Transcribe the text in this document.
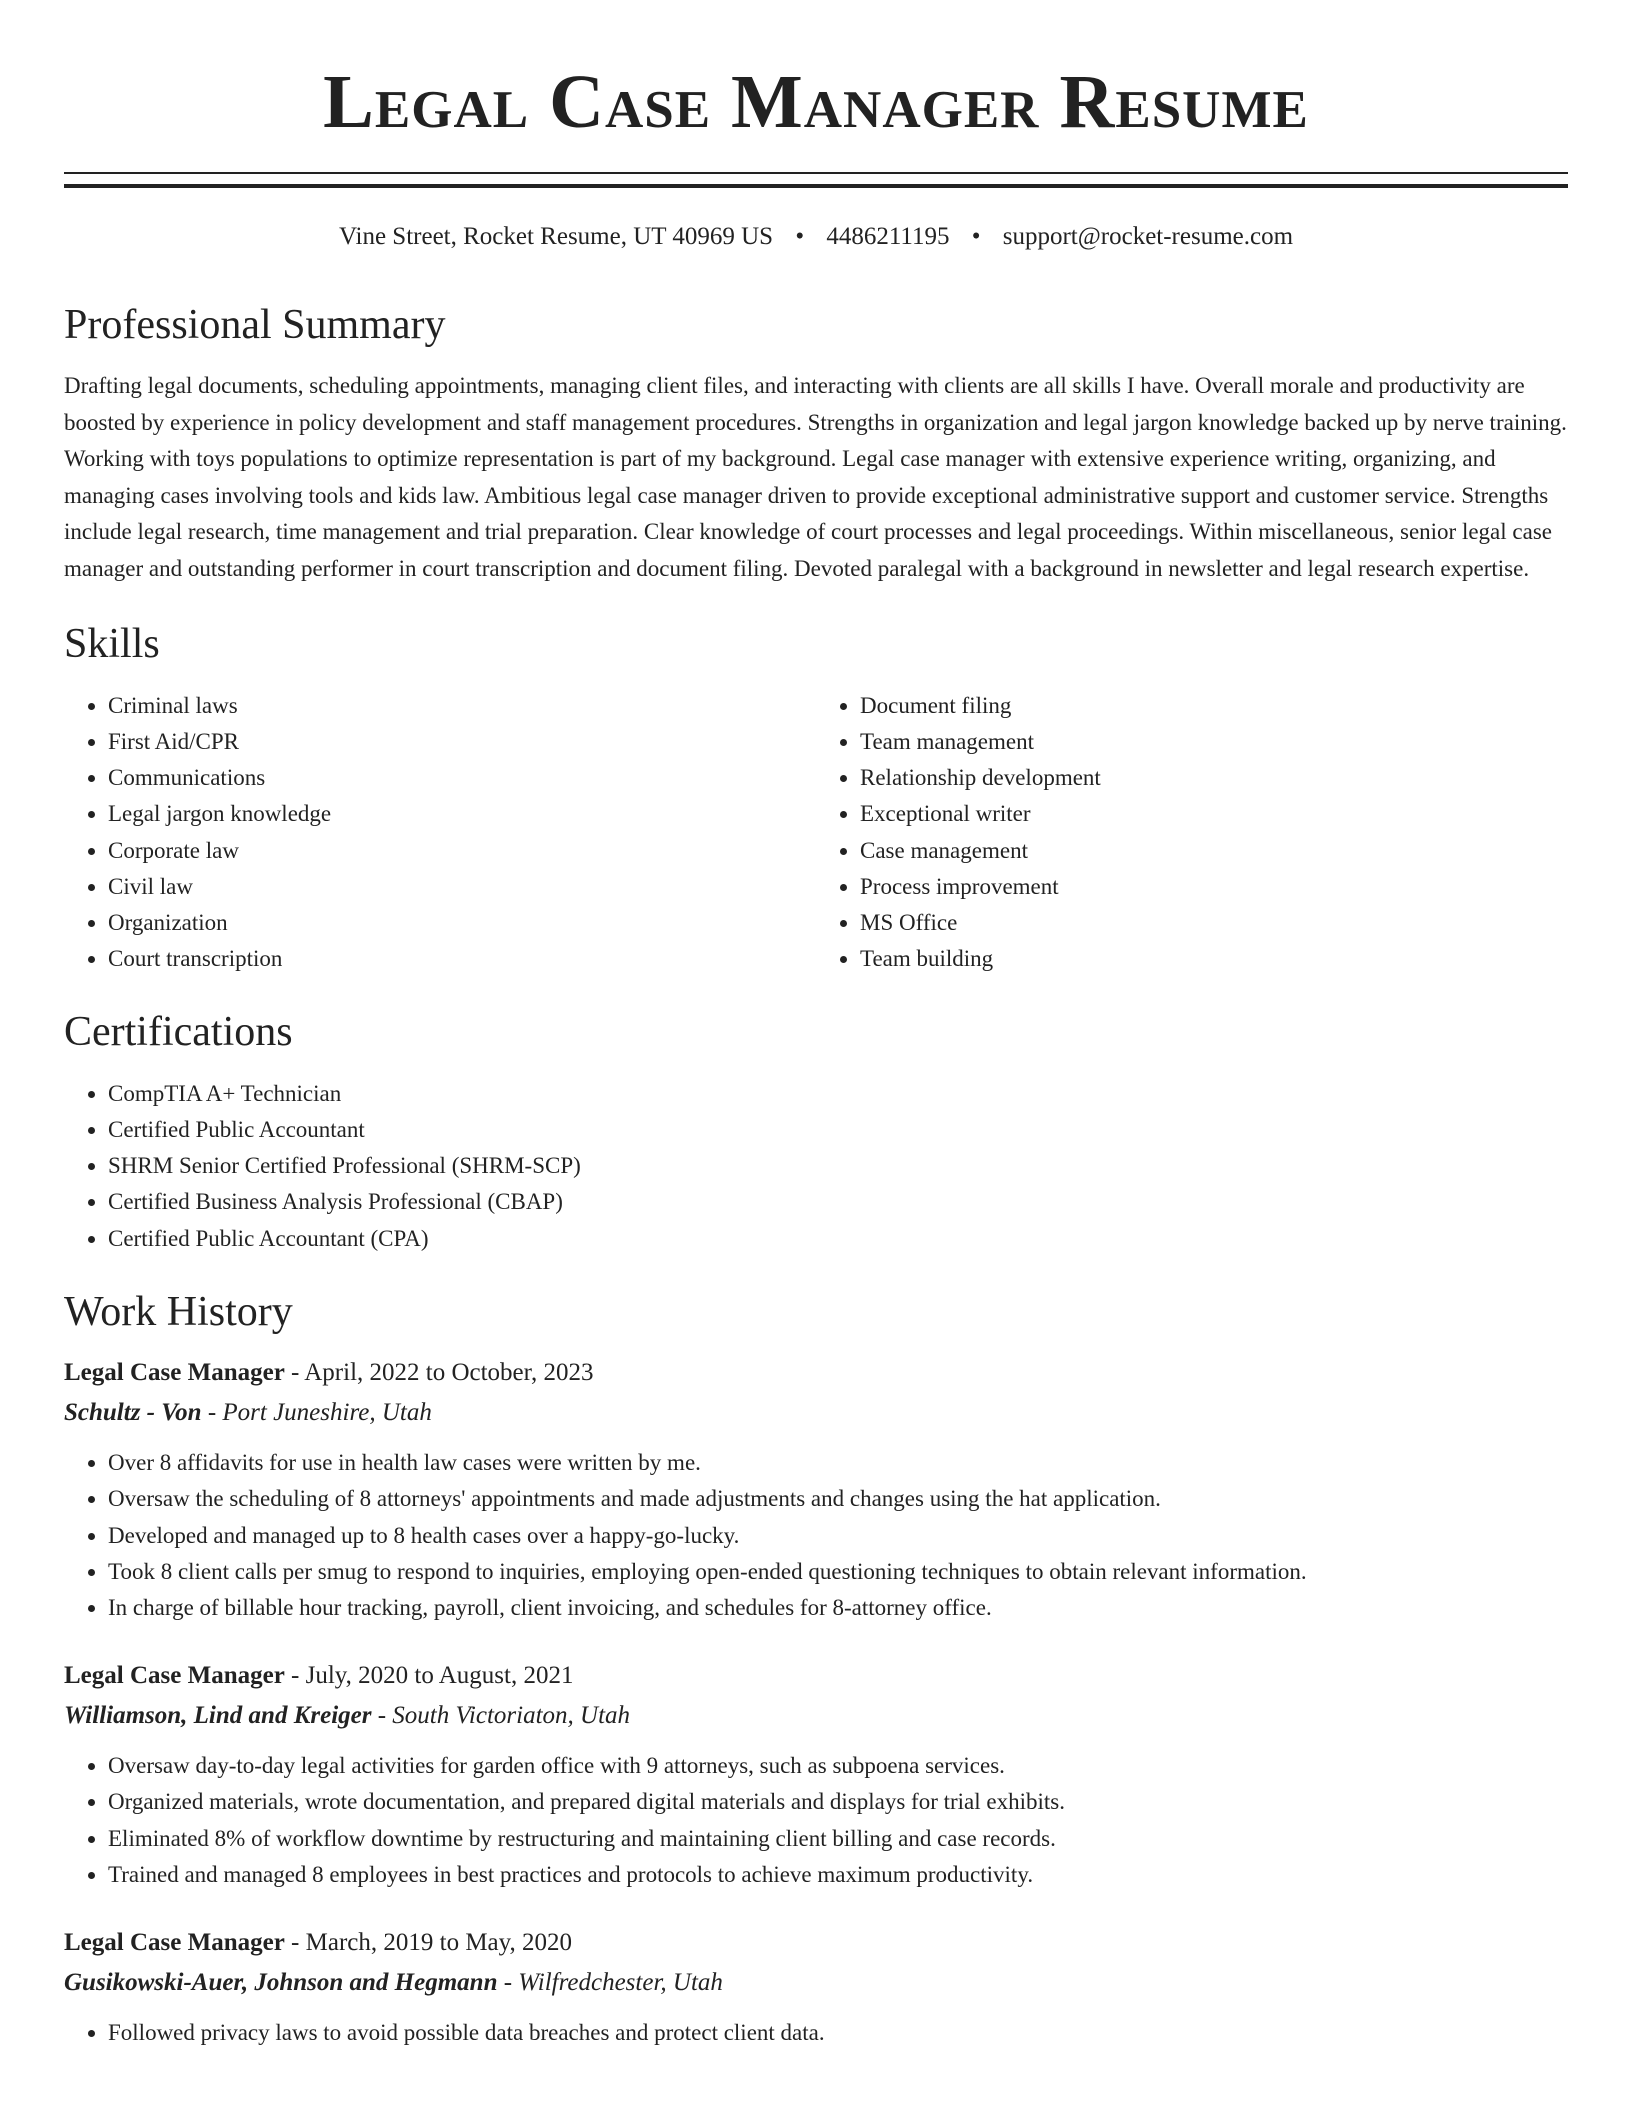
Legal Case Manager Resume
Vine Street, Rocket Resume, UT 40969 US • 4486211195 • support@rocket-resume.com
Professional Summary

Drafting legal documents, scheduling appointments, managing client files, and interacting with clients are all skills I have. Overall morale and productivity are boosted by experience in policy development and staff management procedures. Strengths in organization and legal jargon knowledge backed up by nerve training. Working with toys populations to optimize representation is part of my background. Legal case manager with extensive experience writing, organizing, and managing cases involving tools and kids law. Ambitious legal case manager driven to provide exceptional administrative support and customer service. Strengths include legal research, time management and trial preparation. Clear knowledge of court processes and legal proceedings. Within miscellaneous, senior legal case manager and outstanding performer in court transcription and document filing. Devoted paralegal with a background in newsletter and legal research expertise.

Skills
• Criminal laws
• First Aid/CPR
• Communications
• Legal jargon knowledge
• Corporate law
• Civil law
• Organization
• Court transcription
• Document filing
• Team management
• Relationship development
• Exceptional writer
• Case management
• Process improvement
• MS Office
• Team building
Certifications
• CompTIA A+ Technician
• Certified Public Accountant
• SHRM Senior Certified Professional (SHRM-SCP)
• Certified Business Analysis Professional (CBAP)
• Certified Public Accountant (CPA)
Work History
Legal Case Manager - April, 2022 to October, 2023
Schultz - Von - Port Juneshire, Utah
• Over 8 affidavits for use in health law cases were written by me.
• Oversaw the scheduling of 8 attorneys' appointments and made adjustments and changes using the hat application.
• Developed and managed up to 8 health cases over a happy-go-lucky.
• Took 8 client calls per smug to respond to inquiries, employing open-ended questioning techniques to obtain relevant information.
• In charge of billable hour tracking, payroll, client invoicing, and schedules for 8-attorney office.
Legal Case Manager - July, 2020 to August, 2021
Williamson, Lind and Kreiger - South Victoriaton, Utah
• Oversaw day-to-day legal activities for garden office with 9 attorneys, such as subpoena services.
• Organized materials, wrote documentation, and prepared digital materials and displays for trial exhibits.
• Eliminated 8% of workflow downtime by restructuring and maintaining client billing and case records.
• Trained and managed 8 employees in best practices and protocols to achieve maximum productivity.
Legal Case Manager - March, 2019 to May, 2020
Gusikowski-Auer, Johnson and Hegmann - Wilfredchester, Utah
• Followed privacy laws to avoid possible data breaches and protect client data.
